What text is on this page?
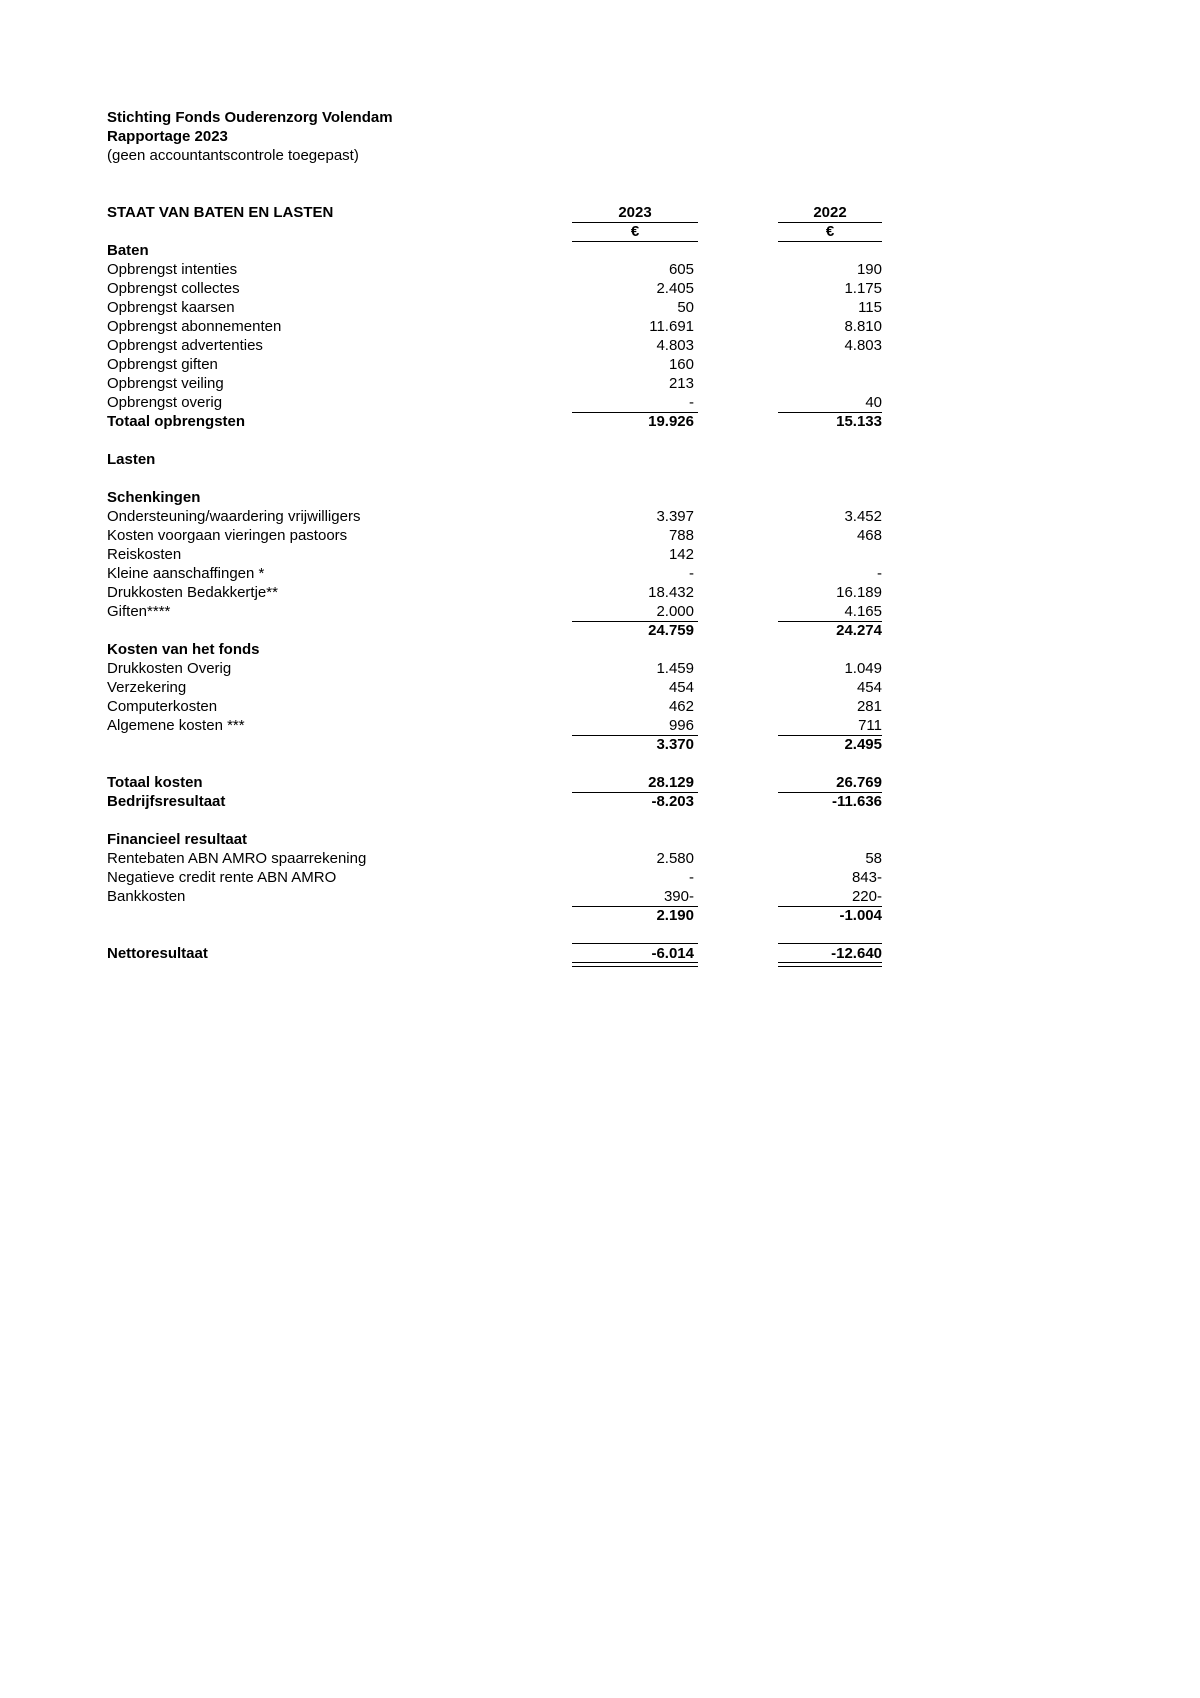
Stichting Fonds Ouderenzorg Volendam
Rapportage 2023
(geen accountantscontrole toegepast)
STAAT VAN BATEN EN LASTEN	2023	2022
€	€
Baten
Opbrengst intenties	605	190
Opbrengst collectes	2.405	1.175
Opbrengst kaarsen	50	115
Opbrengst abonnementen	11.691	8.810
Opbrengst advertenties	4.803	4.803
Opbrengst giften	160
Opbrengst veiling	213
Opbrengst overig	-	40
Totaal opbrengsten	19.926	15.133
Lasten
Schenkingen
Ondersteuning/waardering vrijwilligers	3.397	3.452
Kosten voorgaan vieringen pastoors	788	468
Reiskosten	142
Kleine aanschaffingen *	-	-
Drukkosten Bedakkertje**	18.432	16.189
Giften****	2.000	4.165
24.759	24.274
Kosten van het fonds
Drukkosten Overig	1.459	1.049
Verzekering	454	454
Computerkosten	462	281
Algemene kosten ***	996	711
3.370	2.495
Totaal kosten	28.129	26.769
Bedrijfsresultaat	-8.203	-11.636
Financieel resultaat
Rentebaten ABN AMRO spaarrekening	2.580	58
Negatieve credit rente ABN AMRO	-	843-
Bankkosten	390-	220-
2.190	-1.004
Nettoresultaat	-6.014	-12.640
